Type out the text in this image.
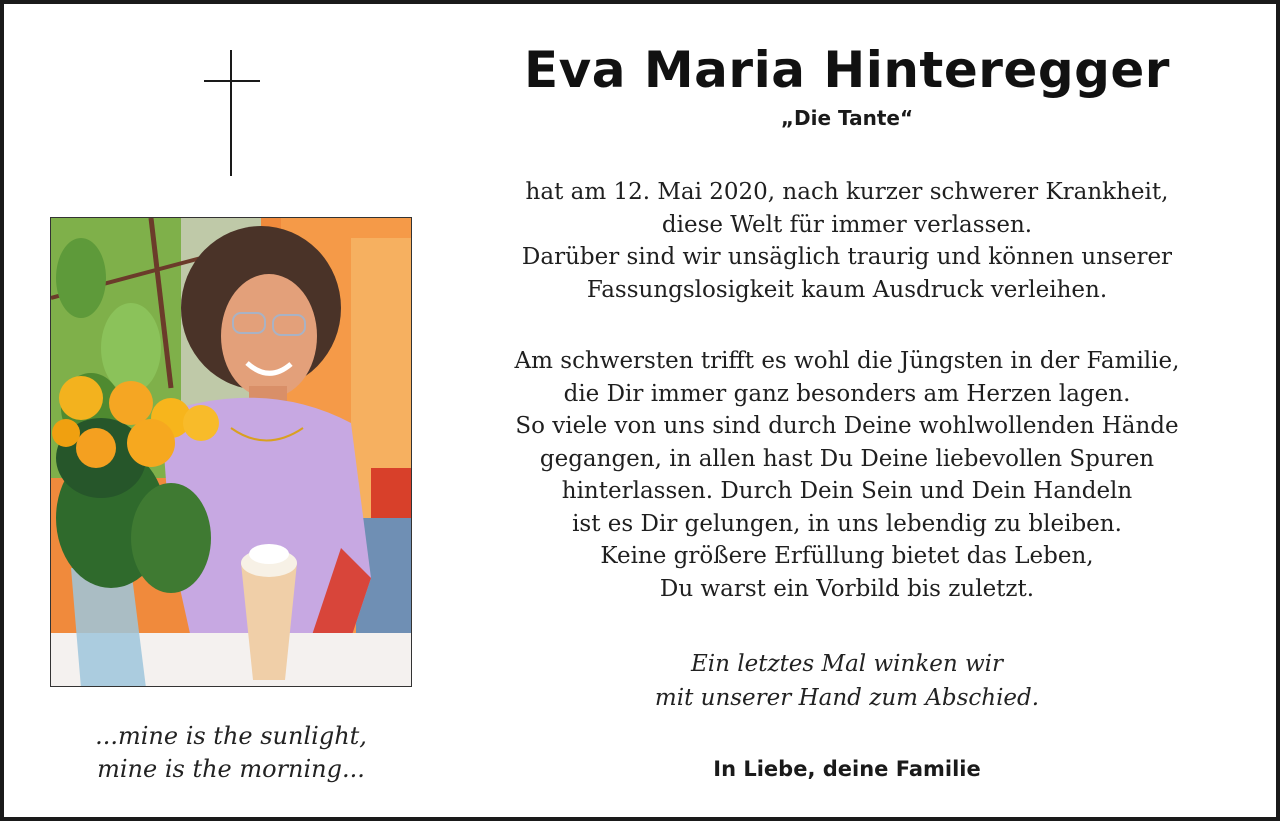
...mine is the sunlight,
mine is the morning...
Eva Maria Hinteregger
„Die Tante“

hat am 12. Mai 2020, nach kurzer schwerer Krankheit,

diese Welt für immer verlassen.

Darüber sind wir unsäglich traurig und können unserer

Fassungslosigkeit kaum Ausdruck verleihen.

Am schwersten trifft es wohl die Jüngsten in der Familie,

die Dir immer ganz besonders am Herzen lagen.

So viele von uns sind durch Deine wohlwollenden Hände

gegangen, in allen hast Du Deine liebevollen Spuren

hinterlassen. Durch Dein Sein und Dein Handeln

ist es Dir gelungen, in uns lebendig zu bleiben.

Keine größere Erfüllung bietet das Leben,

Du warst ein Vorbild bis zuletzt.

Ein letztes Mal winken wir
mit unserer Hand zum Abschied.
In Liebe, deine Familie
